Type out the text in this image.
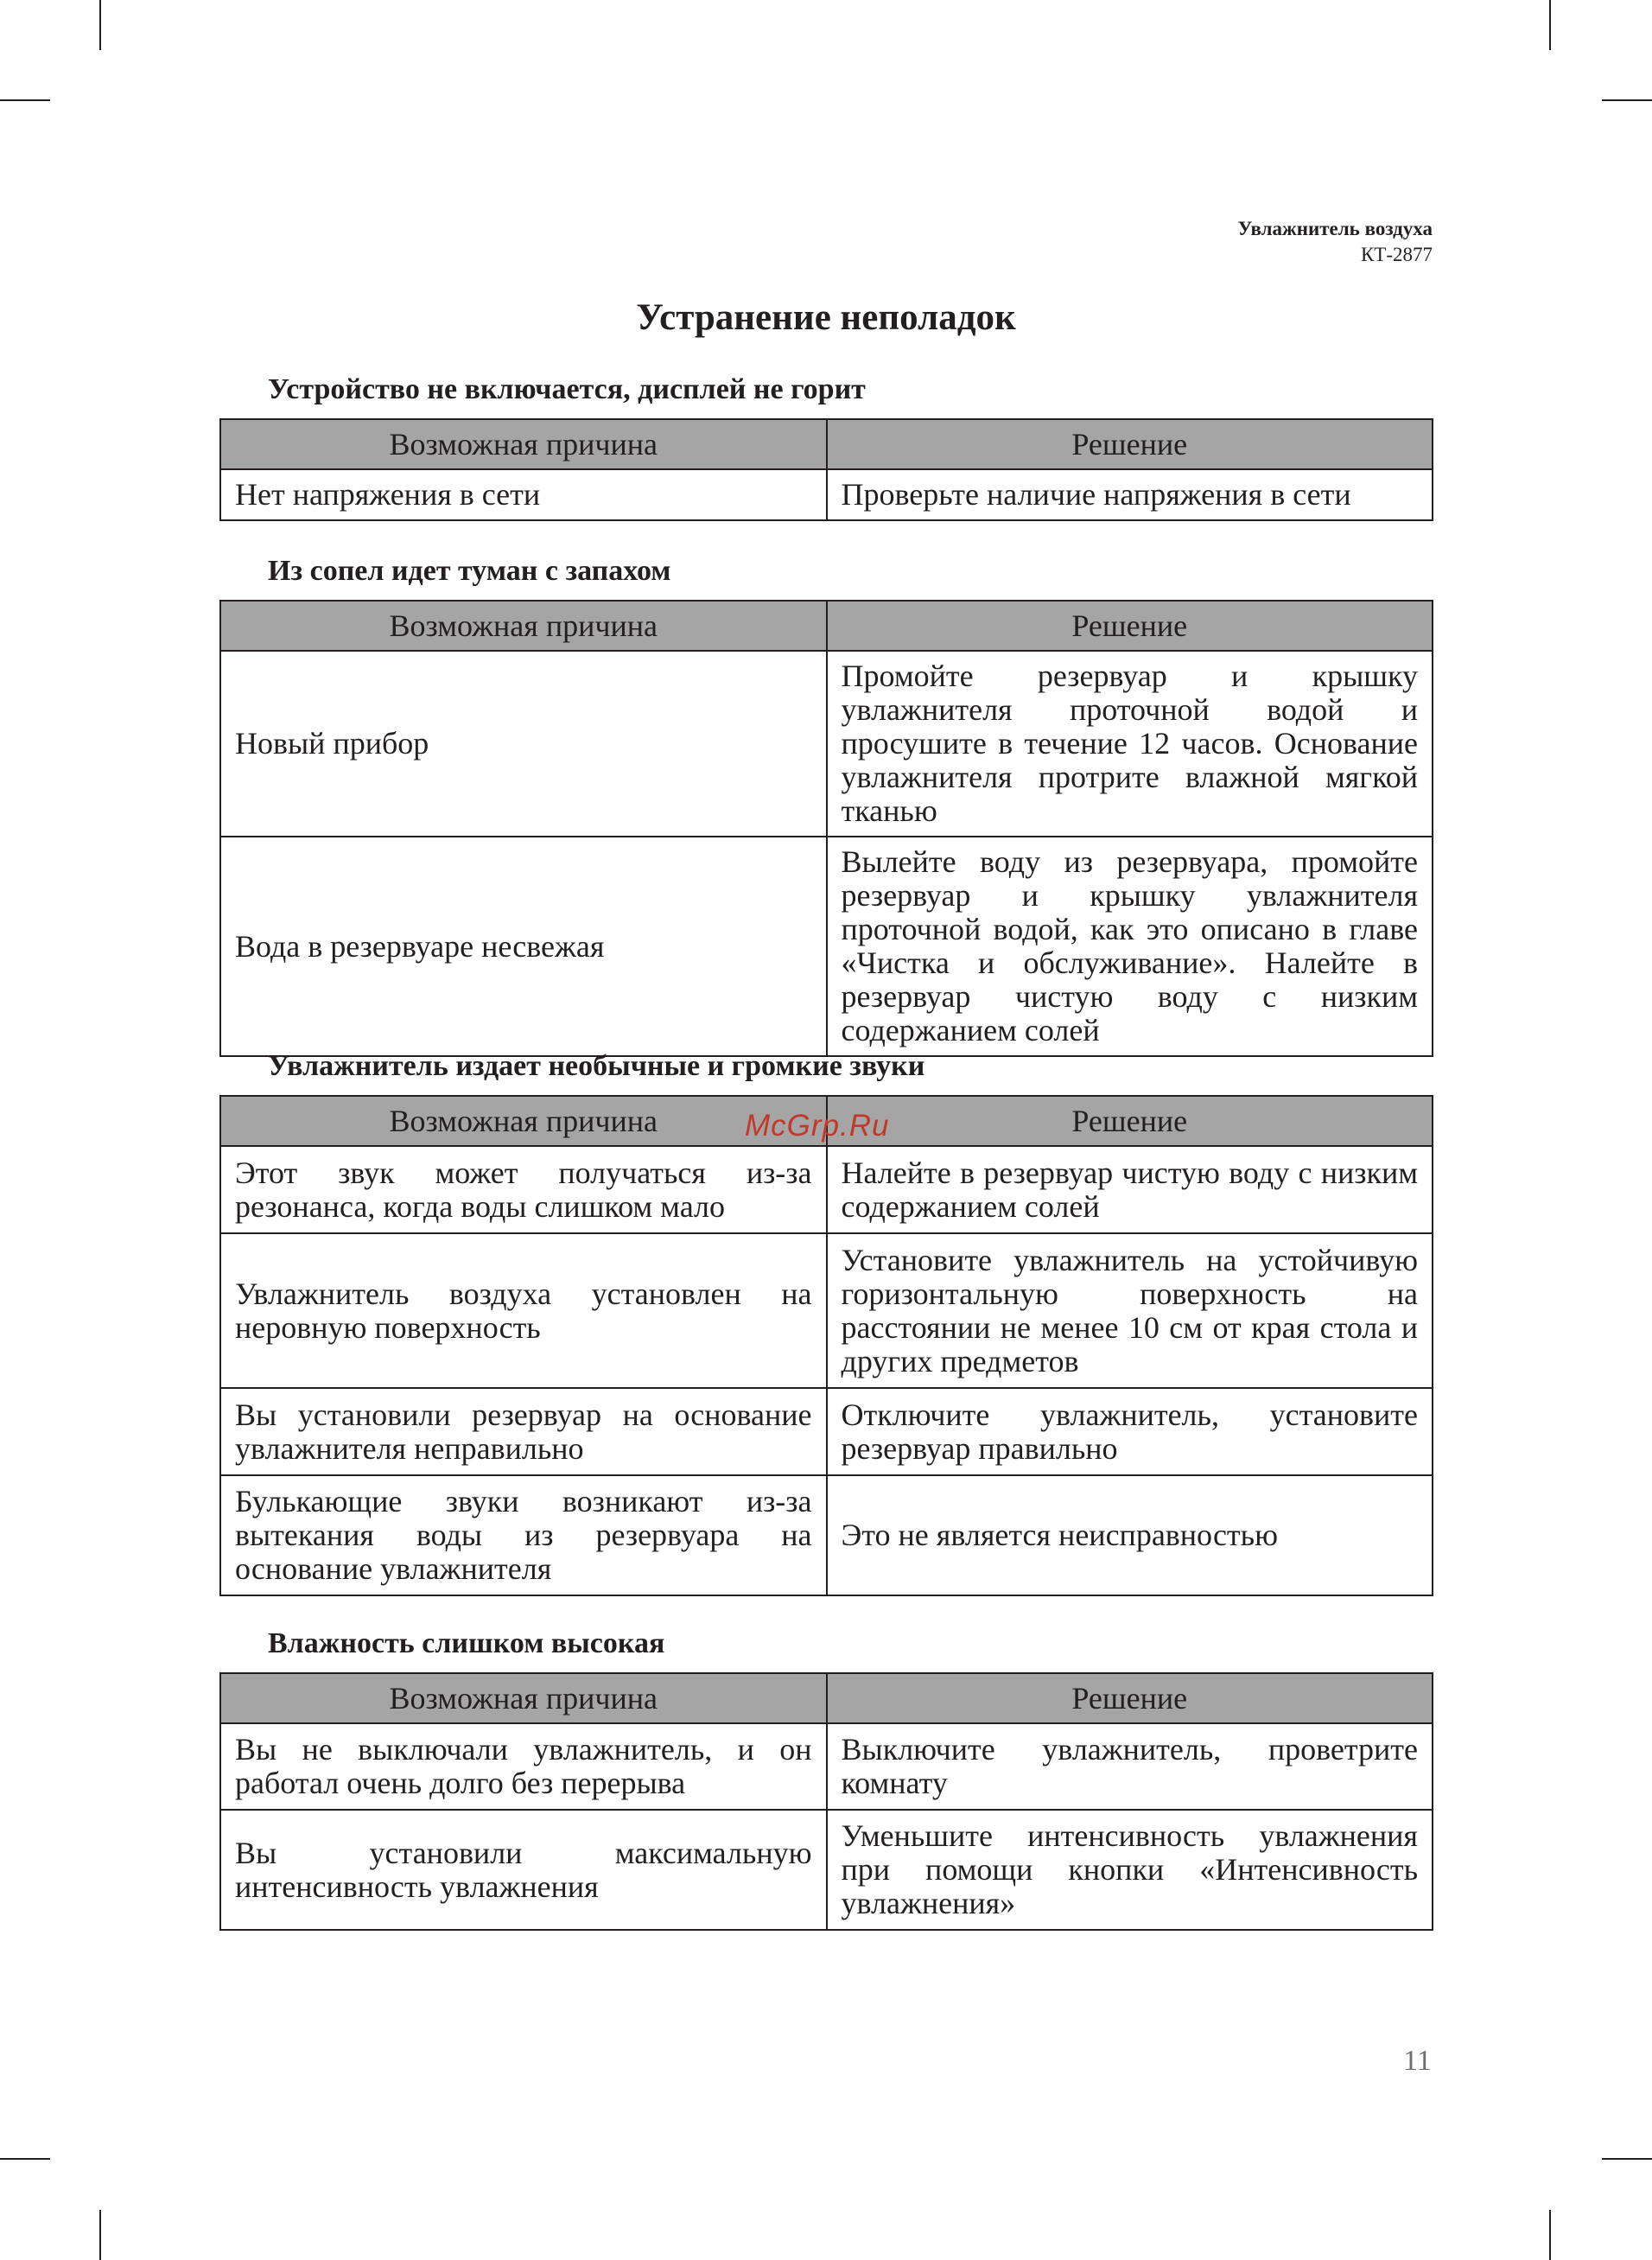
Увлажнитель воздуха
КТ-2877
Устранение неполадок
Устройство не включается, дисплей не горит
Возможная причина	Решение
Нет напряжения в сети	Проверьте наличие напряжения в сети
Из сопел идет туман с запахом
Возможная причина	Решение
Новый прибор	Промойте резервуар и крышку увлажнителя проточной водой и просушите в течение 12 часов. Основание увлажнителя протрите влажной мягкой тканью
Вода в резервуаре несвежая	Вылейте воду из резервуара, промойте резервуар и крышку увлажнителя проточной водой, как это описано в главе «Чистка и обслуживание». Налейте в резервуар чистую воду с низким содержанием солей
Увлажнитель издает необычные и громкие звуки
Возможная причина	Решение
Этот звук может получаться из-за резонанса, когда воды слишком мало	Налейте в резервуар чистую воду с низким содержанием солей
Увлажнитель воздуха установлен на неровную поверхность	Установите увлажнитель на устойчивую горизонтальную поверхность на расстоянии не менее 10 см от края стола и других предметов
Вы установили резервуар на основание увлажнителя неправильно	Отключите увлажнитель, установите резервуар правильно
Булькающие звуки возникают из-за вытекания воды из резервуара на основание увлажнителя	Это не является неисправностью
Влажность слишком высокая
Возможная причина	Решение
Вы не выключали увлажнитель, и он работал очень долго без перерыва	Выключите увлажнитель, проветрите комнату
Вы установили максимальную интенсивность увлажнения	Уменьшите интенсивность увлажнения при помощи кнопки «Интенсивность увлажнения»
McGrp.Ru
11
